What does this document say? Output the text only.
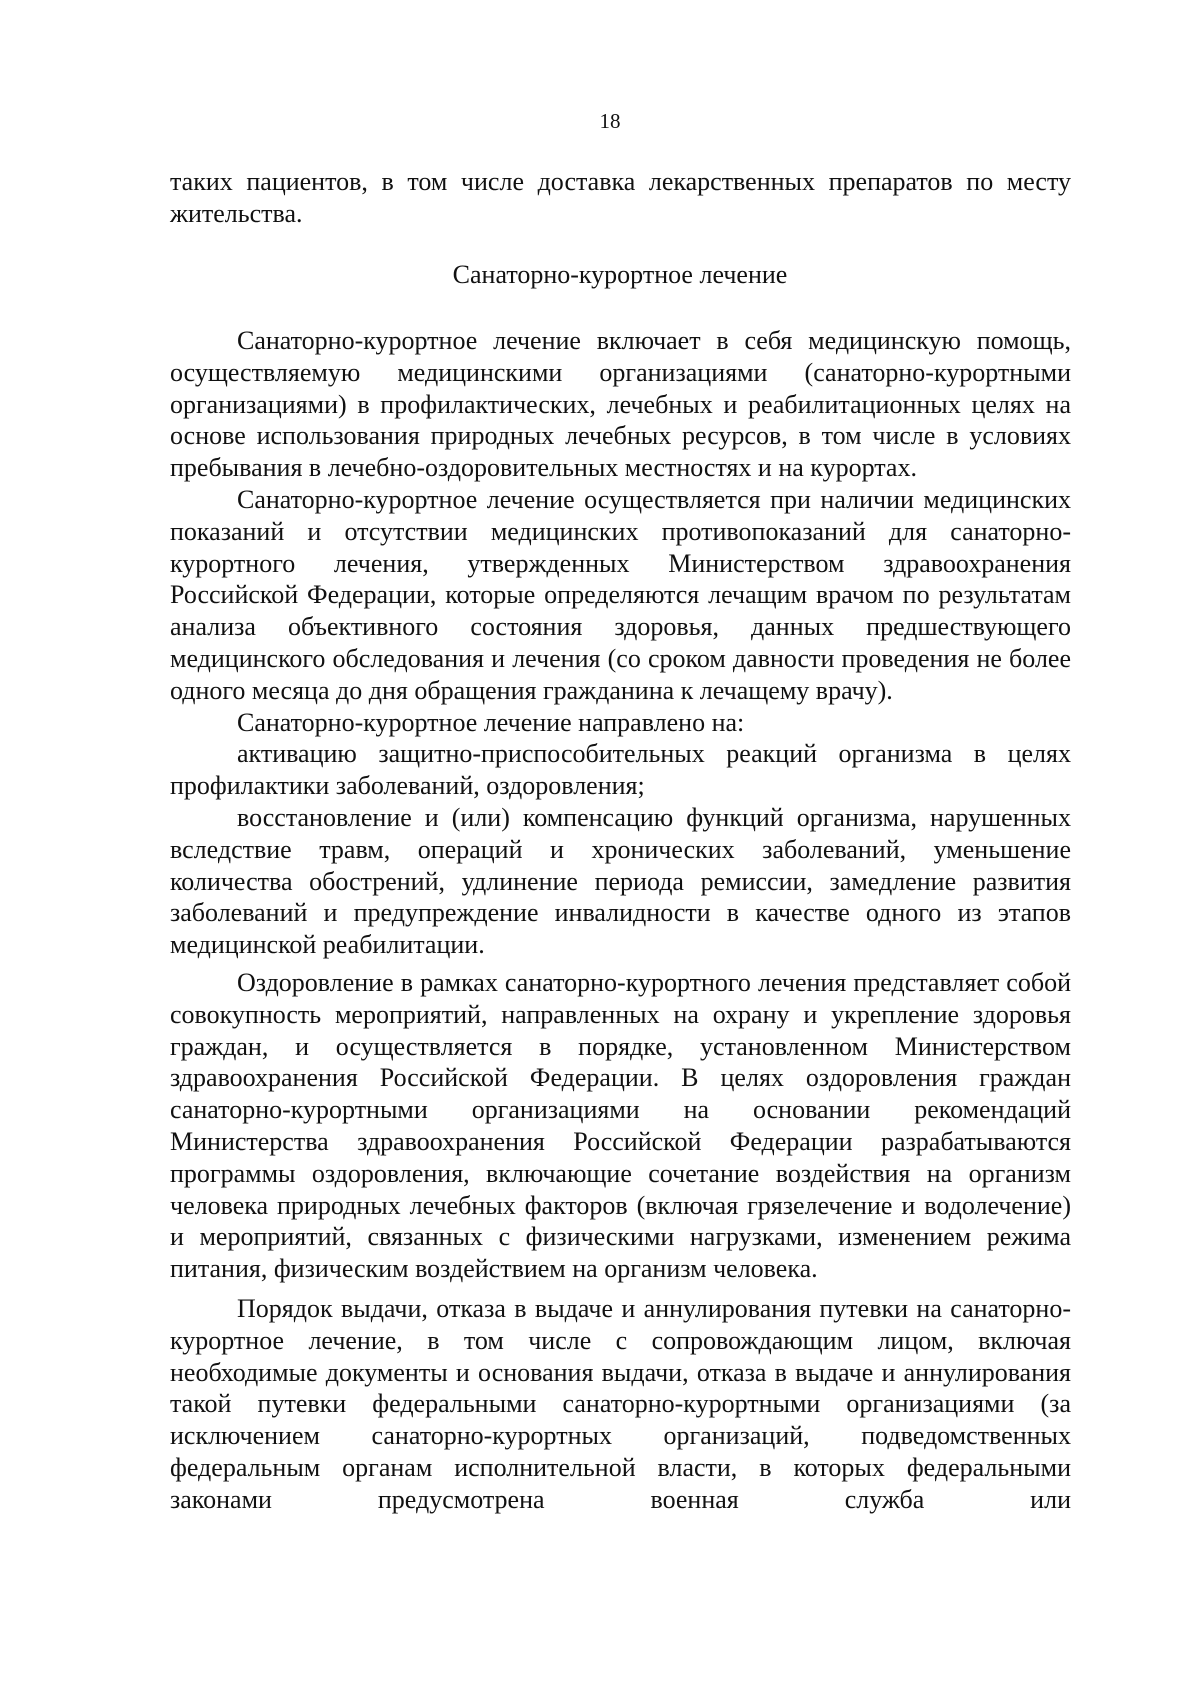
18

таких пациентов, в том числе доставка лекарственных препаратов по месту жительства.

Санаторно-курортное лечение

Санаторно-курортное лечение включает в себя медицинскую помощь, осуществляемую медицинскими организациями (санаторно-курортными организациями) в профилактических, лечебных и реабилитационных целях на основе использования природных лечебных ресурсов, в том числе в условиях пребывания в лечебно-оздоровительных местностях и на курортах.

Санаторно-курортное лечение осуществляется при наличии медицинских показаний и отсутствии медицинских противопоказаний для санаторно-курортного лечения, утвержденных Министерством здравоохранения Российской Федерации, которые определяются лечащим врачом по результатам анализа объективного состояния здоровья, данных предшествующего медицинского обследования и лечения (со сроком давности проведения не более одного месяца до дня обращения гражданина к лечащему врачу).

Санаторно-курортное лечение направлено на:

активацию защитно-приспособительных реакций организма в целях профилактики заболеваний, оздоровления;

восстановление и (или) компенсацию функций организма, нарушенных вследствие травм, операций и хронических заболеваний, уменьшение количества обострений, удлинение периода ремиссии, замедление развития заболеваний и предупреждение инвалидности в качестве одного из этапов медицинской реабилитации.

Оздоровление в рамках санаторно-курортного лечения представляет собой совокупность мероприятий, направленных на охрану и укрепление здоровья граждан, и осуществляется в порядке, установленном Министерством здравоохранения Российской Федерации. В целях оздоровления граждан санаторно-курортными организациями на основании рекомендаций Министерства здравоохранения Российской Федерации разрабатываются программы оздоровления, включающие сочетание воздействия на организм человека природных лечебных факторов (включая грязелечение и водолечение) и мероприятий, связанных с физическими нагрузками, изменением режима питания, физическим воздействием на организм человека.

Порядок выдачи, отказа в выдаче и аннулирования путевки на санаторно-курортное лечение, в том числе с сопровождающим лицом, включая необходимые документы и основания выдачи, отказа в выдаче и аннулирования такой путевки федеральными санаторно-курортными организациями (за исключением санаторно-курортных организаций, подведомственных федеральным органам исполнительной власти, в которых федеральными законами предусмотрена военная служба или
